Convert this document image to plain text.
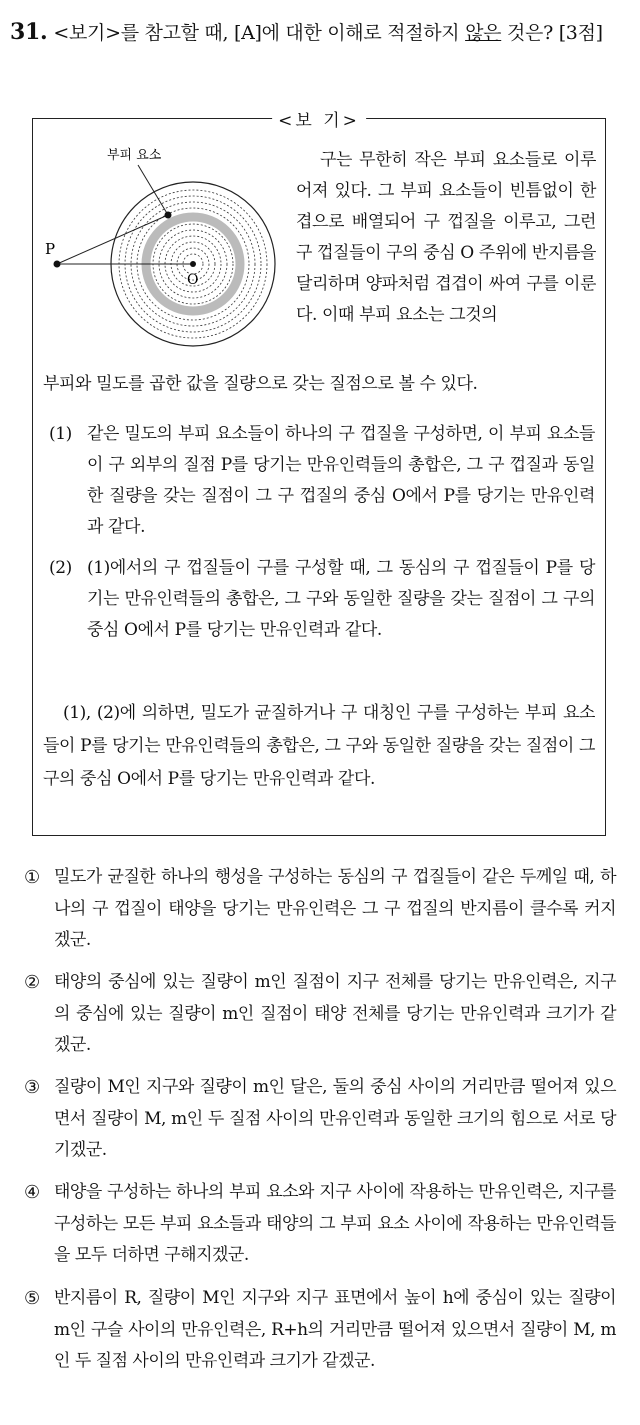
31. <보기>를 참고할 때, [A]에 대한 이해로 적절하지 않은 것은? [3점]
<보 기>
부피 요소
P
O
구는 무한히 작은 부피 요소들로 이루어져 있다. 그 부피 요소들이 빈틈없이 한 겹으로 배열되어 구 껍질을 이루고, 그런 구 껍질들이 구의 중심 O 주위에 반지름을 달리하며 양파처럼 겹겹이 싸여 구를 이룬다. 이때 부피 요소는 그것의
부피와 밀도를 곱한 값을 질량으로 갖는 질점으로 볼 수 있다.
(1) 같은 밀도의 부피 요소들이 하나의 구 껍질을 구성하면, 이 부피 요소들이 구 외부의 질점 P를 당기는 만유인력들의 총합은, 그 구 껍질과 동일한 질량을 갖는 질점이 그 구 껍질의 중심 O에서 P를 당기는 만유인력과 같다.
(2) (1)에서의 구 껍질들이 구를 구성할 때, 그 동심의 구 껍질들이 P를 당기는 만유인력들의 총합은, 그 구와 동일한 질량을 갖는 질점이 그 구의 중심 O에서 P를 당기는 만유인력과 같다.
(1), (2)에 의하면, 밀도가 균질하거나 구 대칭인 구를 구성하는 부피 요소들이 P를 당기는 만유인력들의 총합은, 그 구와 동일한 질량을 갖는 질점이 그 구의 중심 O에서 P를 당기는 만유인력과 같다.
① 밀도가 균질한 하나의 행성을 구성하는 동심의 구 껍질들이 같은 두께일 때, 하나의 구 껍질이 태양을 당기는 만유인력은 그 구 껍질의 반지름이 클수록 커지겠군.
② 태양의 중심에 있는 질량이 m인 질점이 지구 전체를 당기는 만유인력은, 지구의 중심에 있는 질량이 m인 질점이 태양 전체를 당기는 만유인력과 크기가 같겠군.
③ 질량이 M인 지구와 질량이 m인 달은, 둘의 중심 사이의 거리만큼 떨어져 있으면서 질량이 M, m인 두 질점 사이의 만유인력과 동일한 크기의 힘으로 서로 당기겠군.
④ 태양을 구성하는 하나의 부피 요소와 지구 사이에 작용하는 만유인력은, 지구를 구성하는 모든 부피 요소들과 태양의 그 부피 요소 사이에 작용하는 만유인력들을 모두 더하면 구해지겠군.
⑤ 반지름이 R, 질량이 M인 지구와 지구 표면에서 높이 h에 중심이 있는 질량이 m인 구슬 사이의 만유인력은, R+h의 거리만큼 떨어져 있으면서 질량이 M, m인 두 질점 사이의 만유인력과 크기가 같겠군.
